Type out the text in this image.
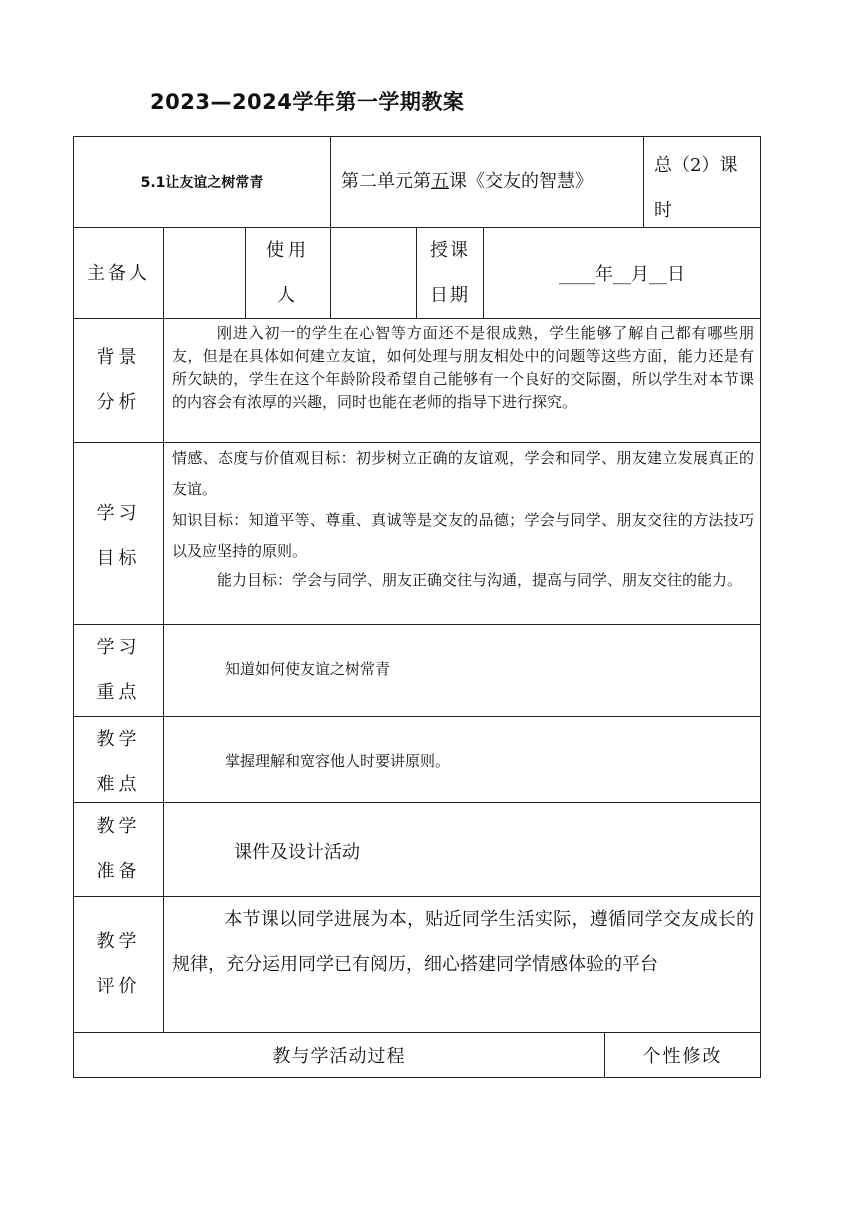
2023—2024学年第一学期教案
5.1让友谊之树常青	第二单元第五课《交友的智慧》
总（2）课
时
主备人
使用
人
授课
日期
____年__月__日
背景
分析

刚进入初一的学生在心智等方面还不是很成熟，学生能够了解自己都有哪些朋友，但是在具体如何建立友谊，如何处理与朋友相处中的问题等这些方面，能力还是有所欠缺的，学生在这个年龄阶段希望自己能够有一个良好的交际圈，所以学生对本节课的内容会有浓厚的兴趣，同时也能在老师的指导下进行探究。

学习
目标

情感、态度与价值观目标：初步树立正确的友谊观，学会和同学、朋友建立发展真正的友谊。

知识目标：知道平等、尊重、真诚等是交友的品德；学会与同学、朋友交往的方法技巧以及应坚持的原则。

能力目标：学会与同学、朋友正确交往与沟通，提高与同学、朋友交往的能力。

学习
重点
知道如何使友谊之树常青
教学
难点
掌握理解和宽容他人时要讲原则。
教学
准备
课件及设计活动
教学
评价

本节课以同学进展为本，贴近同学生活实际，遵循同学交友成长的规律，充分运用同学已有阅历，细心搭建同学情感体验的平台

教与学活动过程	个性修改
